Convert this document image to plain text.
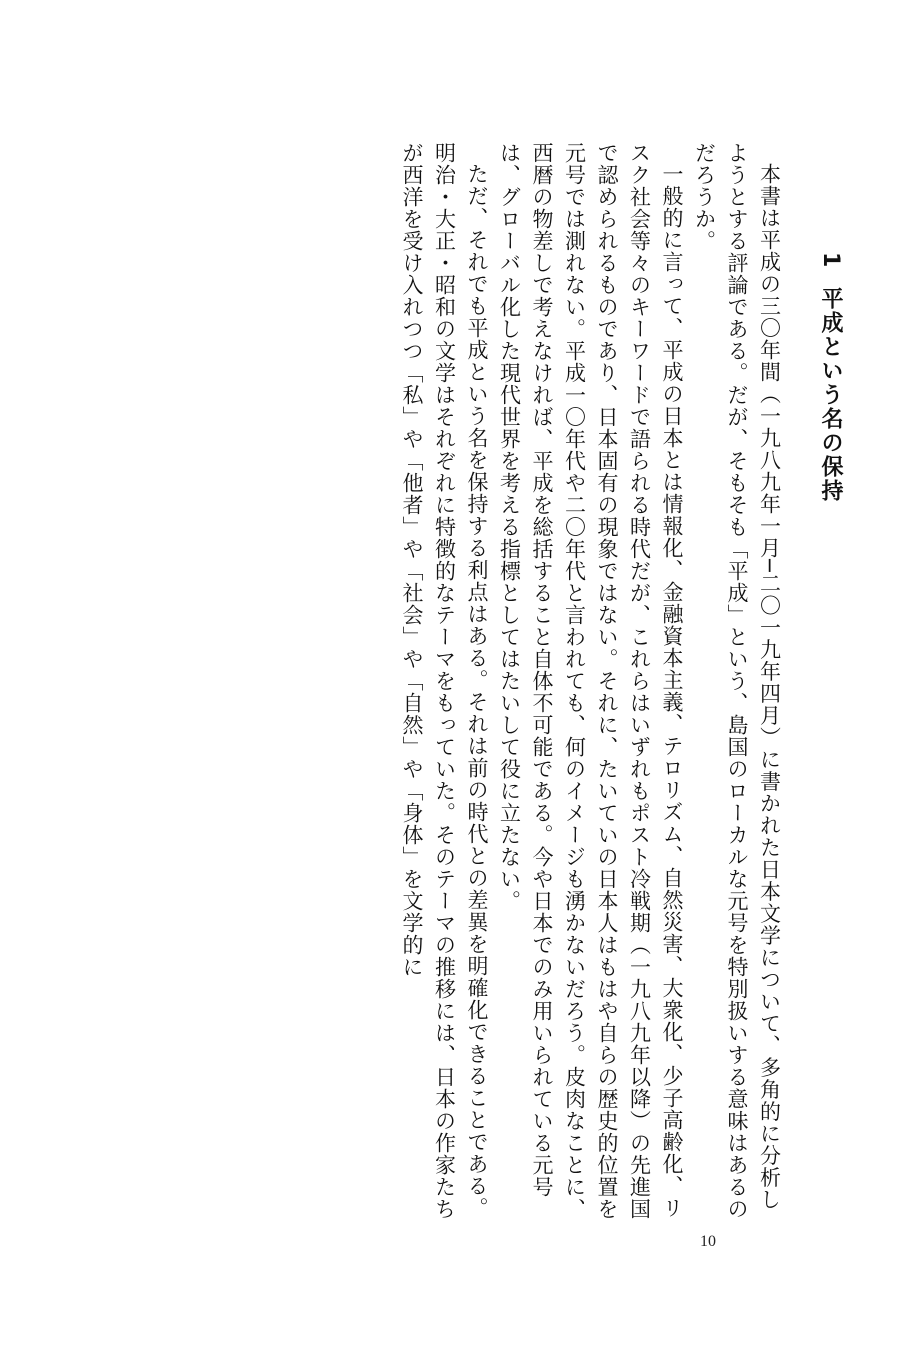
1平成という名の保持

本書は平成の三〇年間（一九八九年一月─二〇一九年四月）に書かれた日本文学について、多角的に分析しようとする評論である。だが、そもそも「平成」という、島国のローカルな元号を特別扱いする意味はあるのだろうか。

一般的に言って、平成の日本とは情報化、金融資本主義、テロリズム、自然災害、大衆化、少子高齢化、リスク社会等々のキーワードで語られる時代だが、これらはいずれもポスト冷戦期（一九八九年以降）の先進国で認められるものであり、日本固有の現象ではない。それに、たいていの日本人はもはや自らの歴史的位置を元号では測れない。平成一〇年代や二〇年代と言われても、何のイメージも湧かないだろう。皮肉なことに、西暦の物差しで考えなければ、平成を総括すること自体不可能である。今や日本でのみ用いられている元号は、グローバル化した現代世界を考える指標としてはたいして役に立たない。

ただ、それでも平成という名を保持する利点はある。それは前の時代との差異を明確化できることである。明治・大正・昭和の文学はそれぞれに特徴的なテーマをもっていた。そのテーマの推移には、日本の作家たちが西洋を受け入れつつ「私」や「他者」や「社会」や「自然」や「身体」を文学的に

10
